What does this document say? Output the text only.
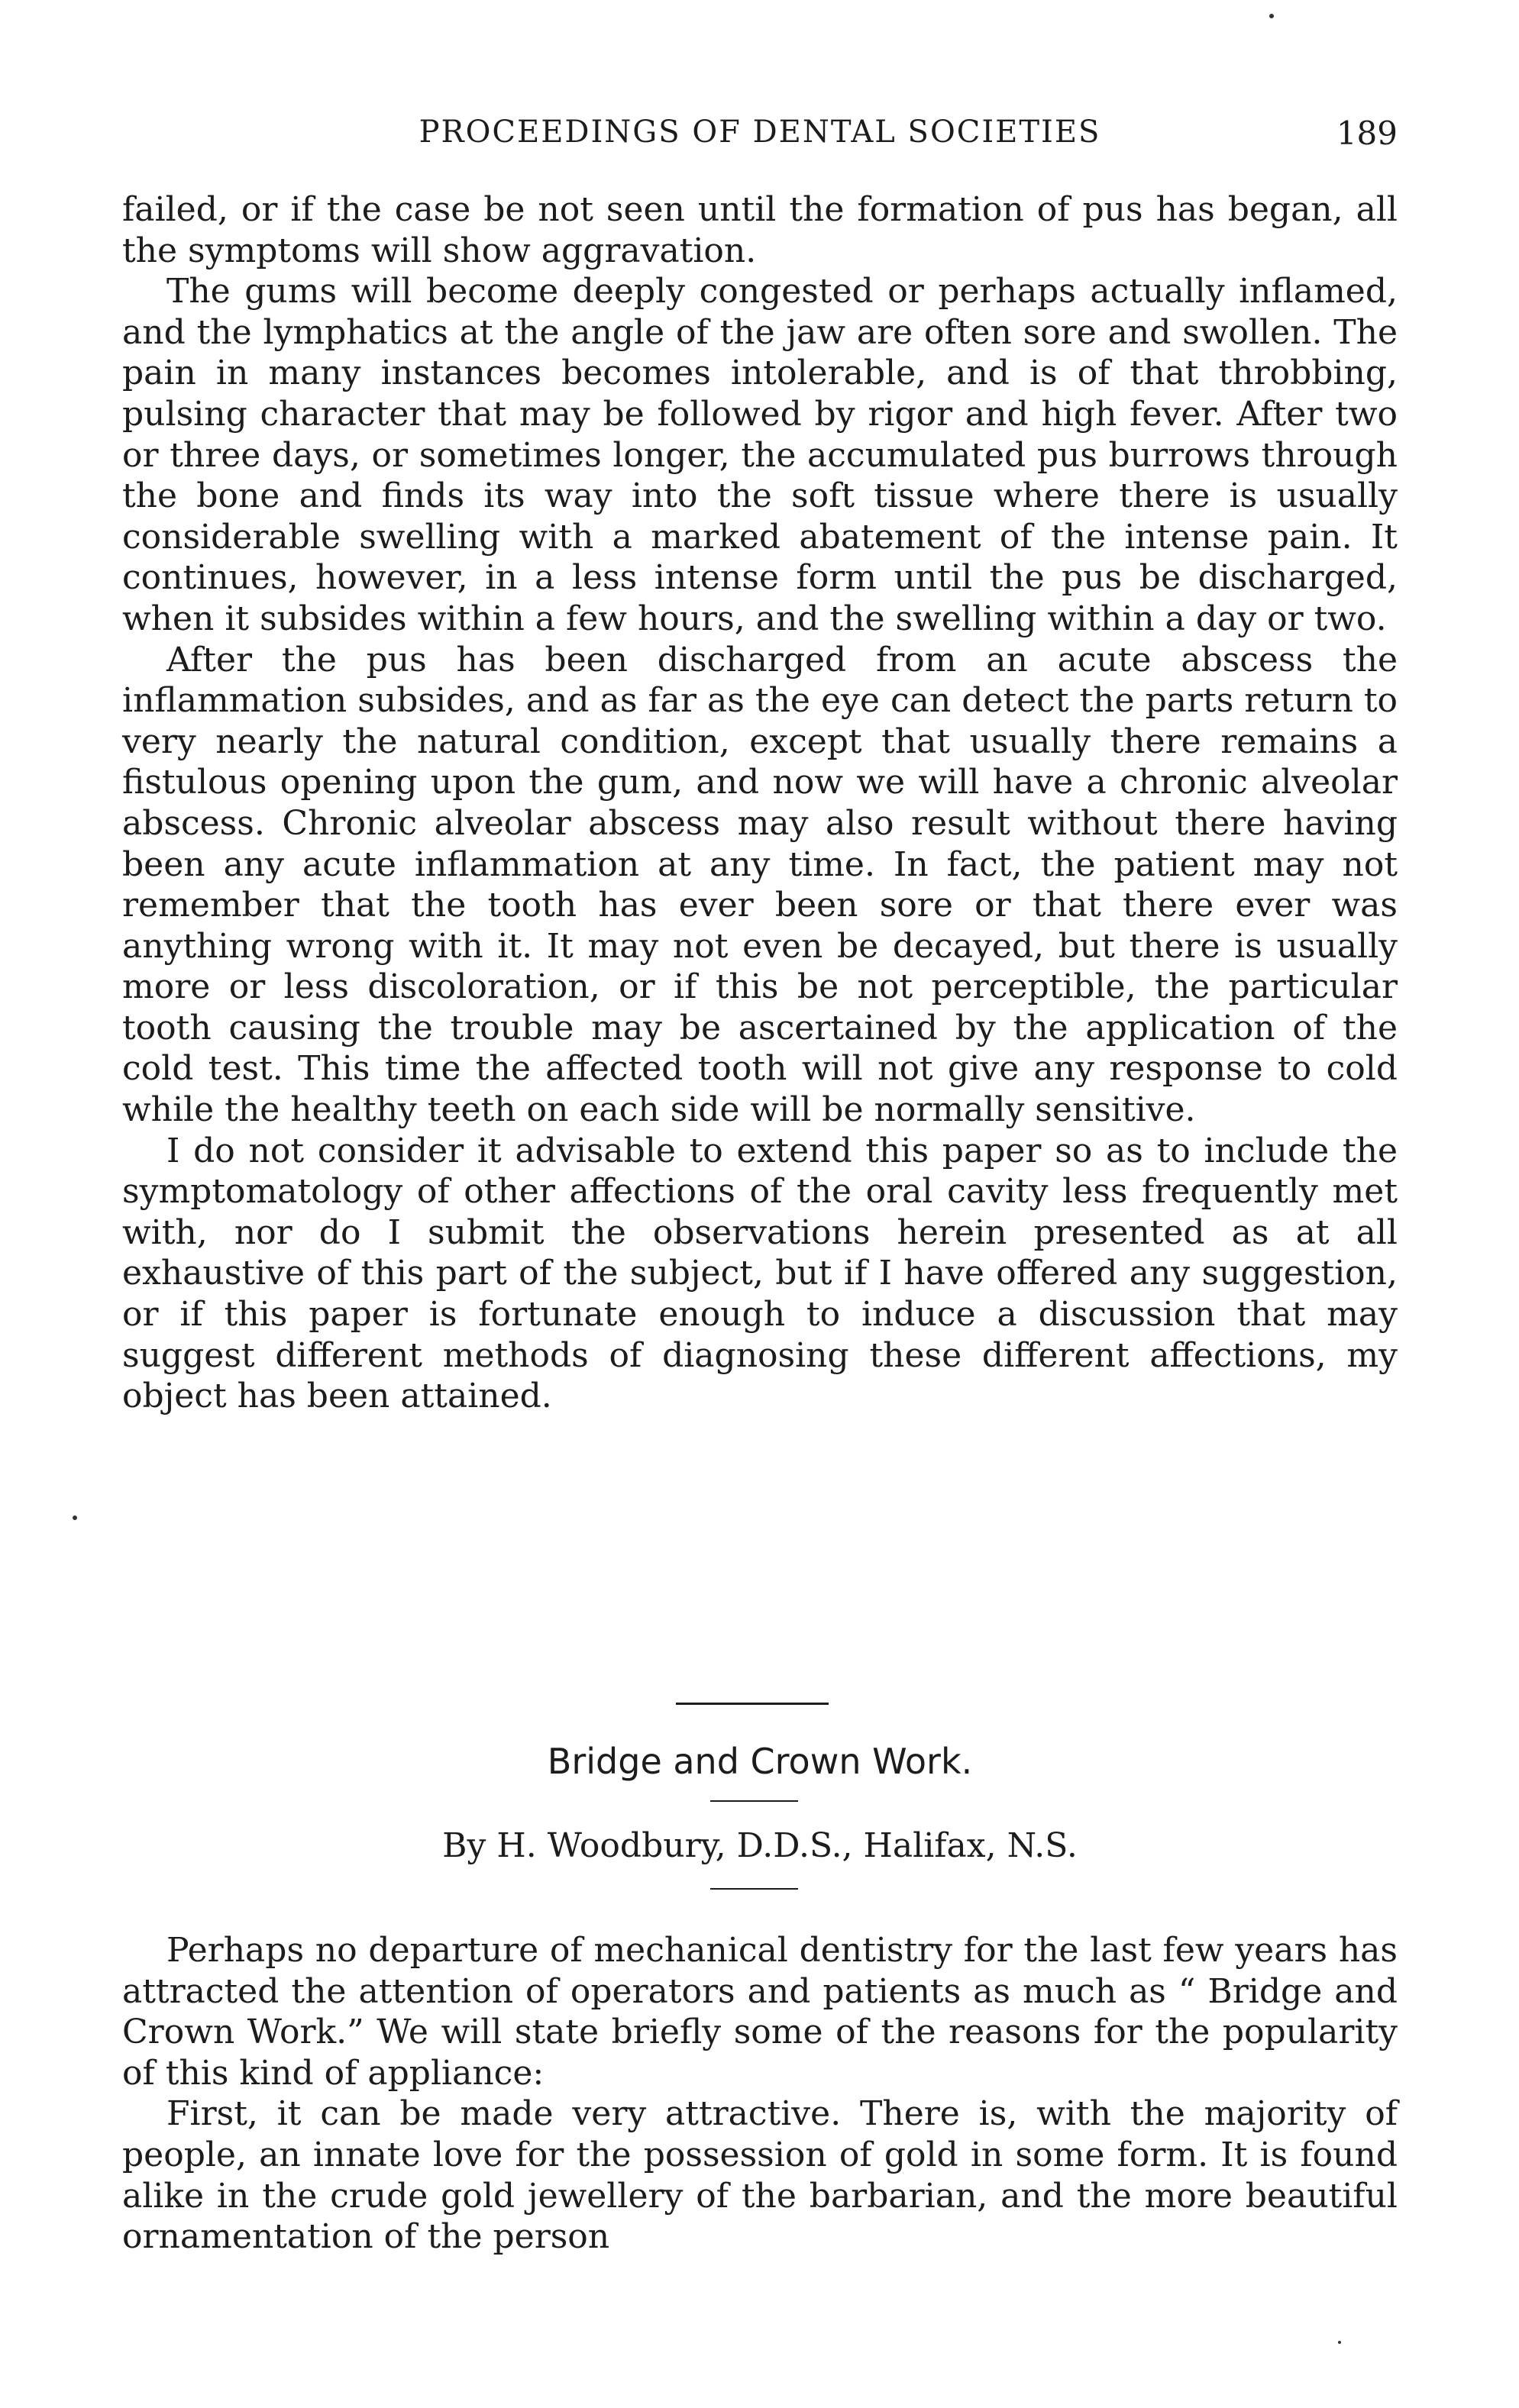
PROCEEDINGS OF DENTAL SOCIETIES	189

failed, or if the case be not seen until the formation of pus has began, all the symptoms will show aggravation.

The gums will become deeply congested or perhaps actually inflamed, and the lymphatics at the angle of the jaw are often sore and swollen. The pain in many instances becomes intolerable, and is of that throbbing, pulsing character that may be followed by rigor and high fever. After two or three days, or sometimes longer, the accumulated pus burrows through the bone and finds its way into the soft tissue where there is usually considerable swelling with a marked abatement of the intense pain. It continues, however, in a less intense form until the pus be discharged, when it subsides within a few hours, and the swelling within a day or two.

After the pus has been discharged from an acute abscess the inflammation subsides, and as far as the eye can detect the parts return to very nearly the natural condition, except that usually there remains a fistulous opening upon the gum, and now we will have a chronic alveolar abscess. Chronic alveolar abscess may also result without there having been any acute inflammation at any time. In fact, the patient may not remember that the tooth has ever been sore or that there ever was anything wrong with it. It may not even be decayed, but there is usually more or less discoloration, or if this be not perceptible, the particular tooth causing the trouble may be ascertained by the application of the cold test. This time the affected tooth will not give any response to cold while the healthy teeth on each side will be normally sensitive.

I do not consider it advisable to extend this paper so as to include the symptomatology of other affections of the oral cavity less frequently met with, nor do I submit the observations herein presented as at all exhaustive of this part of the subject, but if I have offered any suggestion, or if this paper is fortunate enough to induce a discussion that may suggest different methods of diagnosing these different affections, my object has been attained.

Bridge and Crown Work.
By H. Woodbury, D.D.S., Halifax, N.S.

Perhaps no departure of mechanical dentistry for the last few years has attracted the attention of operators and patients as much as “ Bridge and Crown Work.” We will state briefly some of the reasons for the popularity of this kind of appliance:

First, it can be made very attractive. There is, with the majority of people, an innate love for the possession of gold in some form. It is found alike in the crude gold jewellery of the barbarian, and the more beautiful ornamentation of the person
